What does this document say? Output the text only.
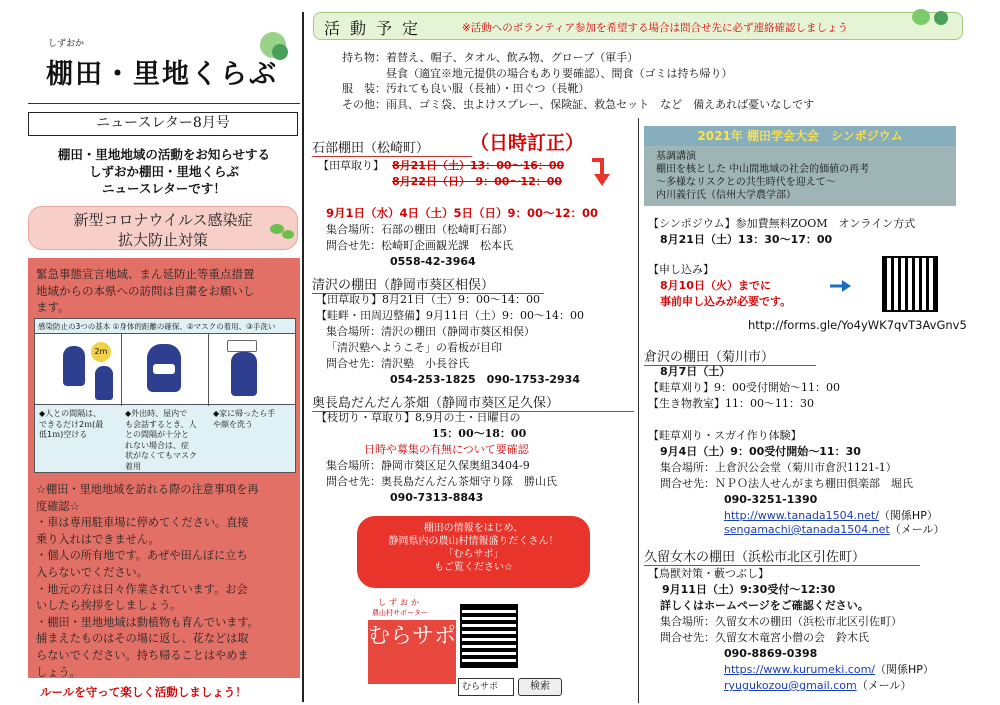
しずおか
棚田・里地くらぶ
ニュースレター8月号
棚田・里地地域の活動をお知らせする
しずおか棚田・里地くらぶ
ニュースレターです！
新型コロナウイルス感染症
拡大防止対策
緊急事態宣言地域、まん延防止等重点措置
地域からの本県への訪問は自粛をお願いし
ます。
感染防止の3つの基本 ①身体的距離の確保、②マスクの着用、③手洗い
2m
◆人との間隔は、
できるだけ2ｍ(最
低1ｍ)空ける
◆外出時、屋内で
も会話するとき、人
との間隔が十分と
れない場合は、症
状がなくてもマスク
着用
◆家に帰ったら手
や顔を洗う
☆棚田・里地地域を訪れる際の注意事項を再
度確認☆
・車は専用駐車場に停めてください。直接
乗り入れはできません。
・個人の所有地です。あぜや田んぼに立ち
入らないでください。
・地元の方は日々作業されています。お会
いしたら挨拶をしましょう。
・棚田・里地地域は動植物も育んでいます。
捕まえたものはその場に返し、花などは取
らないでください。持ち帰ることはやめま
しょう。
ルールを守って楽しく活動しましょう！
活動予定	※活動へのボランティア参加を希望する場合は問合せ先に必ず連絡確認しましょう
持ち物：着替え、帽子、タオル、飲み物、グローブ（軍手）
　　　　昼食（適宜※地元提供の場合もあり要確認）、間食（ゴミは持ち帰り）
服　装：汚れても良い服（長袖）・田ぐつ（長靴）
その他：雨具、ゴミ袋、虫よけスプレー、保険証、救急セット　など　備えあれば憂いなしです
石部棚田（松崎町）	（日時訂正）
【田草取り】 8月21日（土）13：00～16：00
8月22日（日）　9：00～12：00
9月1日（水）4日（土）5日（日）9：00～12：00
集合場所：石部の棚田（松崎町石部）
問合せ先：松崎町企画観光課　松本氏
0558-42-3964
清沢の棚田（静岡市葵区相俣）
【田草取り】8月21日（土）9：00～14：00
【畦畔・田周辺整備】9月11日（土）9：00～14：00
集合場所：清沢の棚田（静岡市葵区相俣）
「清沢塾へようこそ」の看板が目印
問合せ先：清沢塾　小長谷氏
054-253-1825　090-1753-2934
奥長島だんだん茶畑（静岡市葵区足久保）
【枝切り・草取り】8,9月の土・日曜日の
15：00～18：00
日時や募集の有無について要確認
集合場所：静岡市葵区足久保奥組3404-9
問合せ先：奥長島だんだん茶畑守り隊　勝山氏
090-7313-8843
棚田の情報をはじめ、
静岡県内の農山村情報盛りだくさん！
「むらサポ」
もご覧ください☆
しずおか
農山村サポーター
むらサポ
むらサポ	検索
2021年 棚田学会大会　シンポジウム
基調講演
棚田を核とした 中山間地域の社会的価値の再考
～多様なリスクとの共生時代を迎えて～
内川義行氏（信州大学農学部）
【シンポジウム】参加費無料ZOOM　オンライン方式
8月21日（土）13：30～17：00
【申し込み】
8月10日（火）までに
事前申し込みが必要です。
http://forms.gle/Yo4yWK7qvT3AvGnv5
倉沢の棚田（菊川市）
8月7日（土）
【畦草刈り】9：00受付開始～11：00
【生き物教室】11：00～11：30
【畦草刈り・スガイ作り体験】
9月4日（土）9：00受付開始～11：30
集合場所：上倉沢公会堂（菊川市倉沢1121-1）
問合せ先：ＮＰＯ法人せんがまち棚田倶楽部　堀氏
090-3251-1390
http://www.tanada1504.net/（関係HP）
sengamachi@tanada1504.net（メール）
久留女木の棚田（浜松市北区引佐町）
【鳥獣対策・藪つぶし】
9月11日（土）9:30受付～12:30
詳しくはホームページをご確認ください。
集合場所：久留女木の棚田（浜松市北区引佐町）
問合せ先：久留女木竜宮小僧の会　鈴木氏
090-8869-0398
https://www.kurumeki.com/（関係HP）
ryugukozou@gmail.com（メール）
